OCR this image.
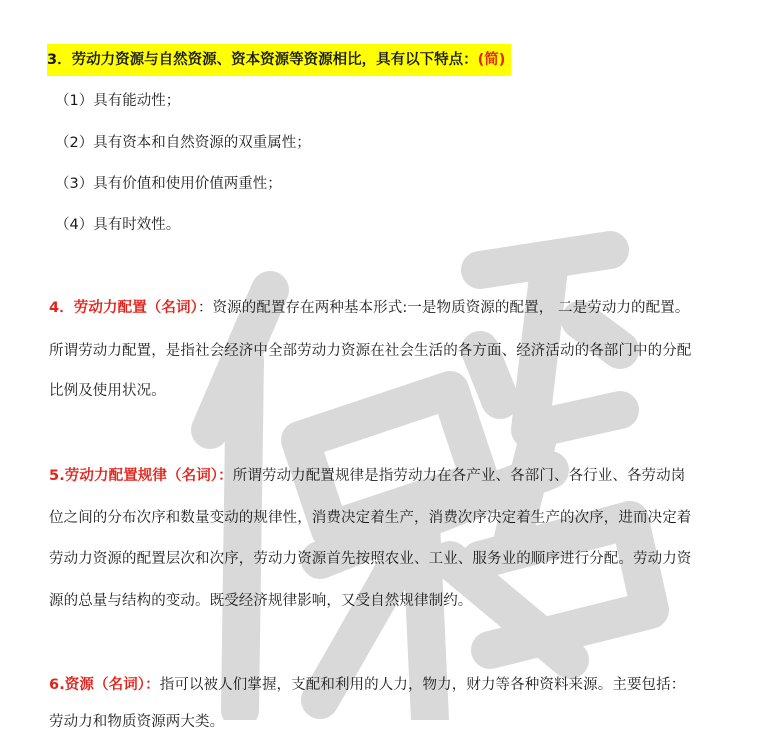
3．劳动力资源与自然资源、资本资源等资源相比，具有以下特点：(简)
（1）具有能动性；
（2）具有资本和自然资源的双重属性；
（3）具有价值和使用价值两重性；
（4）具有时效性。
4．劳动力配置（名词）：资源的配置存在两种基本形式:一是物质资源的配置， 二是劳动力的配置。
所谓劳动力配置，是指社会经济中全部劳动力资源在社会生活的各方面、经济活动的各部门中的分配
比例及使用状况。
5.劳动力配置规律（名词）：所谓劳动力配置规律是指劳动力在各产业、各部门、各行业、各劳动岗
位之间的分布次序和数量变动的规律性，消费决定着生产，消费次序决定着生产的次序，进而决定着
劳动力资源的配置层次和次序，劳动力资源首先按照农业、工业、服务业的顺序进行分配。劳动力资
源的总量与结构的变动。既受经济规律影响，又受自然规律制约。
6.资源（名词）：指可以被人们掌握，支配和利用的人力，物力，财力等各种资料来源。主要包括：
劳动力和物质资源两大类。
